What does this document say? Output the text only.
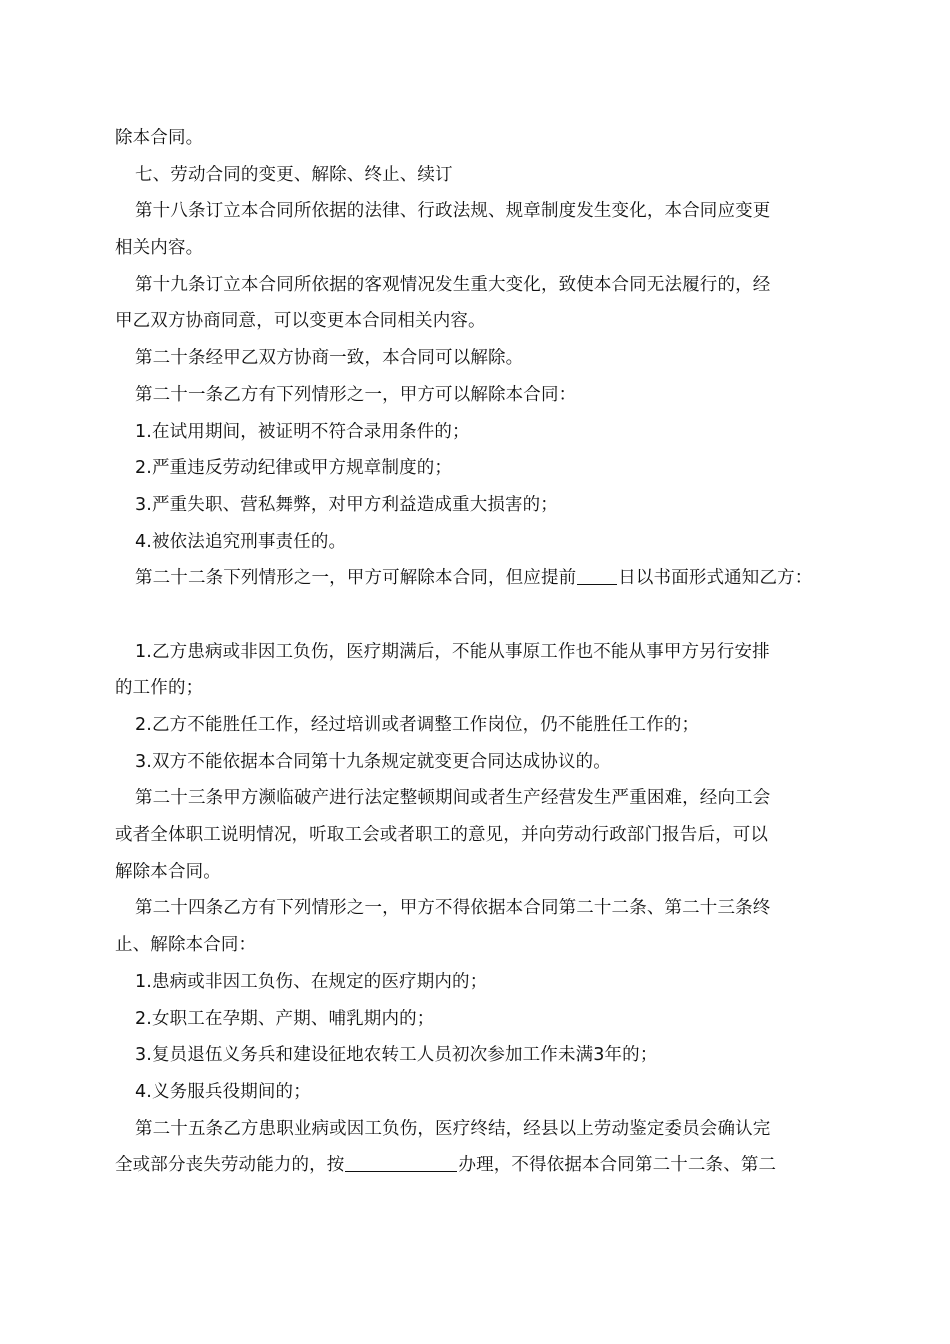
除本合同。
七、劳动合同的变更、解除、终止、续订
第十八条订立本合同所依据的法律、行政法规、规章制度发生变化，本合同应变更
相关内容。
第十九条订立本合同所依据的客观情况发生重大变化，致使本合同无法履行的，经
甲乙双方协商同意，可以变更本合同相关内容。
第二十条经甲乙双方协商一致，本合同可以解除。
第二十一条乙方有下列情形之一，甲方可以解除本合同：
1.在试用期间，被证明不符合录用条件的；
2.严重违反劳动纪律或甲方规章制度的；
3.严重失职、营私舞弊，对甲方利益造成重大损害的；
4.被依法追究刑事责任的。
第二十二条下列情形之一，甲方可解除本合同，但应提前 日以书面形式通知乙方：
1.乙方患病或非因工负伤，医疗期满后，不能从事原工作也不能从事甲方另行安排
的工作的；
2.乙方不能胜任工作，经过培训或者调整工作岗位，仍不能胜任工作的；
3.双方不能依据本合同第十九条规定就变更合同达成协议的。
第二十三条甲方濒临破产进行法定整顿期间或者生产经营发生严重困难，经向工会
或者全体职工说明情况，听取工会或者职工的意见，并向劳动行政部门报告后，可以
解除本合同。
第二十四条乙方有下列情形之一，甲方不得依据本合同第二十二条、第二十三条终
止、解除本合同：
1.患病或非因工负伤、在规定的医疗期内的；
2.女职工在孕期、产期、哺乳期内的；
3.复员退伍义务兵和建设征地农转工人员初次参加工作未满3年的；
4.义务服兵役期间的；
第二十五条乙方患职业病或因工负伤，医疗终结，经县以上劳动鉴定委员会确认完
全或部分丧失劳动能力的，按	办理，不得依据本合同第二十二条、第二
